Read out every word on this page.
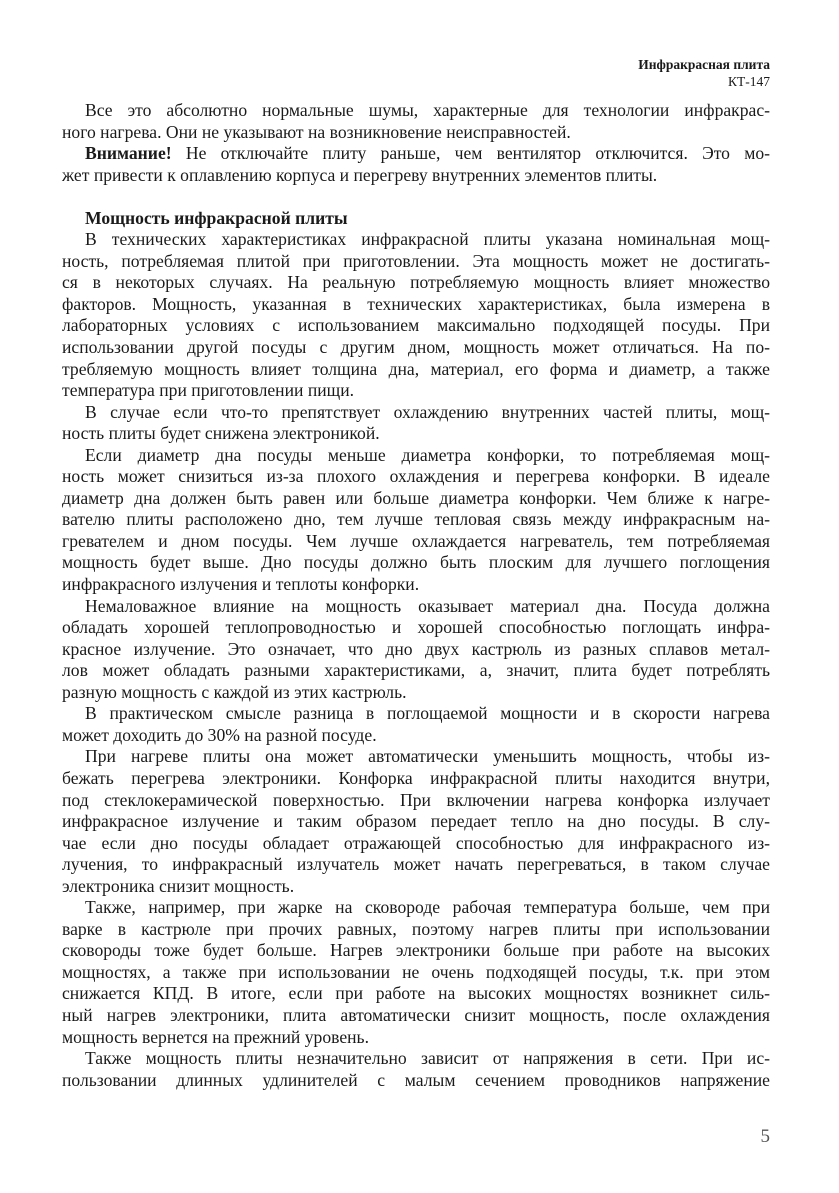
Инфракрасная плита
КТ-147
Все это абсолютно нормальные шумы, характерные для технологии инфракрас-
ного нагрева. Они не указывают на возникновение неисправностей.
Внимание! Не отключайте плиту раньше, чем вентилятор отключится. Это мо-
жет привести к оплавлению корпуса и перегреву внутренних элементов плиты.
Мощность инфракрасной плиты
В технических характеристиках инфракрасной плиты указана номинальная мощ-
ность, потребляемая плитой при приготовлении. Эта мощность может не достигать-
ся в некоторых случаях. На реальную потребляемую мощность влияет множество
факторов. Мощность, указанная в технических характеристиках, была измерена в
лабораторных условиях с использованием максимально подходящей посуды. При
использовании другой посуды с другим дном, мощность может отличаться. На по-
требляемую мощность влияет толщина дна, материал, его форма и диаметр, а также
температура при приготовлении пищи.
В случае если что-то препятствует охлаждению внутренних частей плиты, мощ-
ность плиты будет снижена электроникой.
Если диаметр дна посуды меньше диаметра конфорки, то потребляемая мощ-
ность может снизиться из-за плохого охлаждения и перегрева конфорки. В идеале
диаметр дна должен быть равен или больше диаметра конфорки. Чем ближе к нагре-
вателю плиты расположено дно, тем лучше тепловая связь между инфракрасным на-
гревателем и дном посуды. Чем лучше охлаждается нагреватель, тем потребляемая
мощность будет выше. Дно посуды должно быть плоским для лучшего поглощения
инфракрасного излучения и теплоты конфорки.
Немаловажное влияние на мощность оказывает материал дна. Посуда должна
обладать хорошей теплопроводностью и хорошей способностью поглощать инфра-
красное излучение. Это означает, что дно двух кастрюль из разных сплавов метал-
лов может обладать разными характеристиками, а, значит, плита будет потреблять
разную мощность с каждой из этих кастрюль.
В практическом смысле разница в поглощаемой мощности и в скорости нагрева
может доходить до 30% на разной посуде.
При нагреве плиты она может автоматически уменьшить мощность, чтобы из-
бежать перегрева электроники. Конфорка инфракрасной плиты находится внутри,
под стеклокерамической поверхностью. При включении нагрева конфорка излучает
инфракрасное излучение и таким образом передает тепло на дно посуды. В слу-
чае если дно посуды обладает отражающей способностью для инфракрасного из-
лучения, то инфракрасный излучатель может начать перегреваться, в таком случае
электроника снизит мощность.
Также, например, при жарке на сковороде рабочая температура больше, чем при
варке в кастрюле при прочих равных, поэтому нагрев плиты при использовании
сковороды тоже будет больше. Нагрев электроники больше при работе на высоких
мощностях, а также при использовании не очень подходящей посуды, т.к. при этом
снижается КПД. В итоге, если при работе на высоких мощностях возникнет силь-
ный нагрев электроники, плита автоматически снизит мощность, после охлаждения
мощность вернется на прежний уровень.
Также мощность плиты незначительно зависит от напряжения в сети. При ис-
пользовании длинных удлинителей с малым сечением проводников напряжение
5
